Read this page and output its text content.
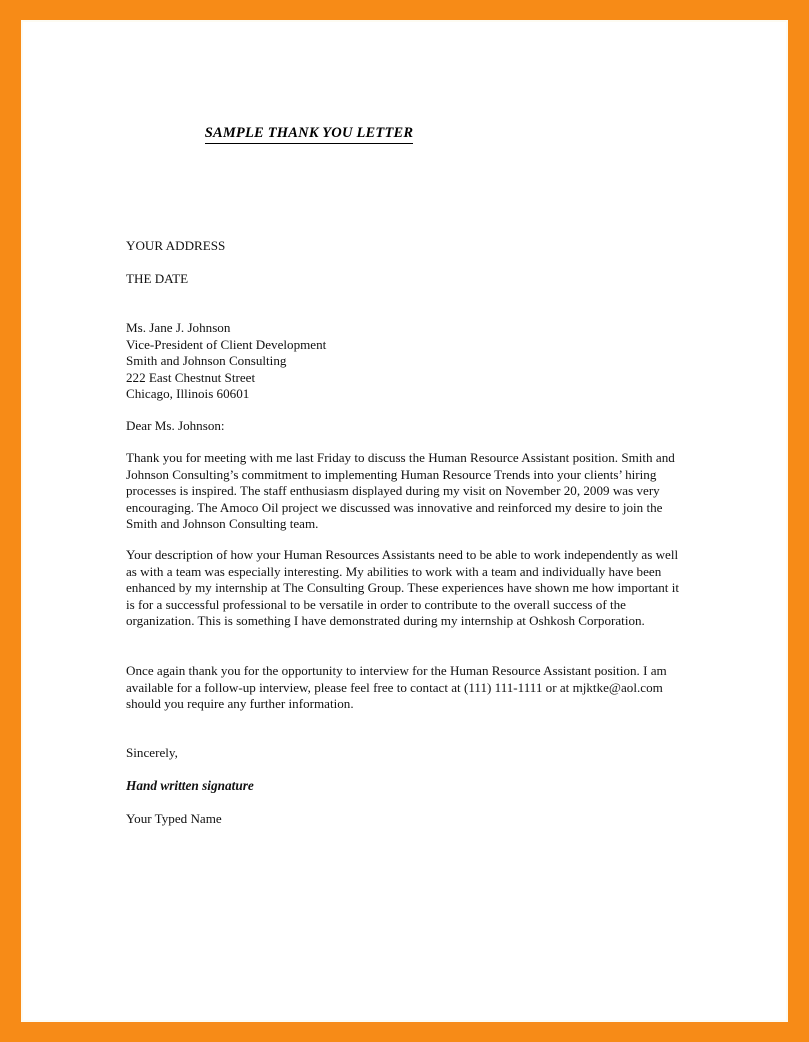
SAMPLE THANK YOU LETTER
YOUR ADDRESS
THE DATE
Ms. Jane J. Johnson
Vice-President of Client Development
Smith and Johnson Consulting
222 East Chestnut Street
Chicago, Illinois 60601
Dear Ms. Johnson:
Thank you for meeting with me last Friday to discuss the Human Resource Assistant position. Smith and Johnson Consulting’s commitment to implementing Human Resource Trends into your clients’ hiring processes is inspired. The staff enthusiasm displayed during my visit on November 20, 2009 was very encouraging. The Amoco Oil project we discussed was innovative and reinforced my desire to join the Smith and Johnson Consulting team.
Your description of how your Human Resources Assistants need to be able to work independently as well as with a team was especially interesting. My abilities to work with a team and individually have been enhanced by my internship at The Consulting Group. These experiences have shown me how important it is for a successful professional to be versatile in order to contribute to the overall success of the organization. This is something I have demonstrated during my internship at Oshkosh Corporation.
Once again thank you for the opportunity to interview for the Human Resource Assistant position. I am available for a follow-up interview, please feel free to contact at (111) 111-1111 or at mjktke@aol.com should you require any further information.
Sincerely,
Hand written signature
Your Typed Name
